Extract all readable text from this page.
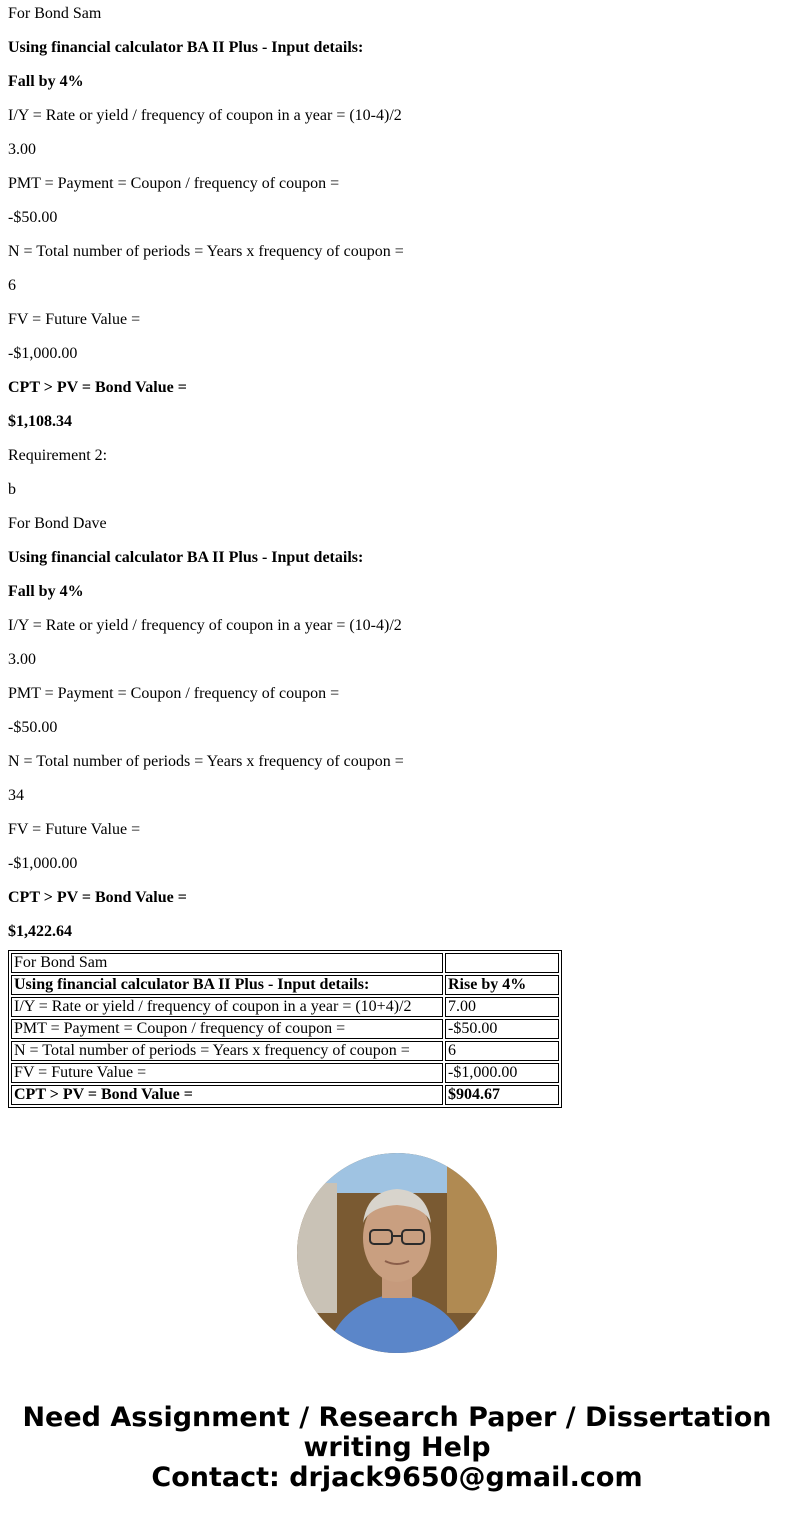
For Bond Sam
Using financial calculator BA II Plus - Input details:
Fall by 4%
I/Y = Rate or yield / frequency of coupon in a year = (10-4)/2
3.00
PMT = Payment = Coupon / frequency of coupon =
-$50.00
N = Total number of periods = Years x frequency of coupon =
6
FV = Future Value =
-$1,000.00
CPT > PV = Bond Value =
$1,108.34
Requirement 2:
b
For Bond Dave
Using financial calculator BA II Plus - Input details:
Fall by 4%
I/Y = Rate or yield / frequency of coupon in a year = (10-4)/2
3.00
PMT = Payment = Coupon / frequency of coupon =
-$50.00
N = Total number of periods = Years x frequency of coupon =
34
FV = Future Value =
-$1,000.00
CPT > PV = Bond Value =
$1,422.64
For Bond Sam	
Using financial calculator BA II Plus - Input details:	Rise by 4%
I/Y = Rate or yield / frequency of coupon in a year = (10+4)/2	7.00
PMT = Payment = Coupon / frequency of coupon =	-$50.00
N = Total number of periods = Years x frequency of coupon =	6
FV = Future Value =	-$1,000.00
CPT > PV = Bond Value =	$904.67
Need Assignment / Research Paper / Dissertation
writing Help
Contact: drjack9650@gmail.com
